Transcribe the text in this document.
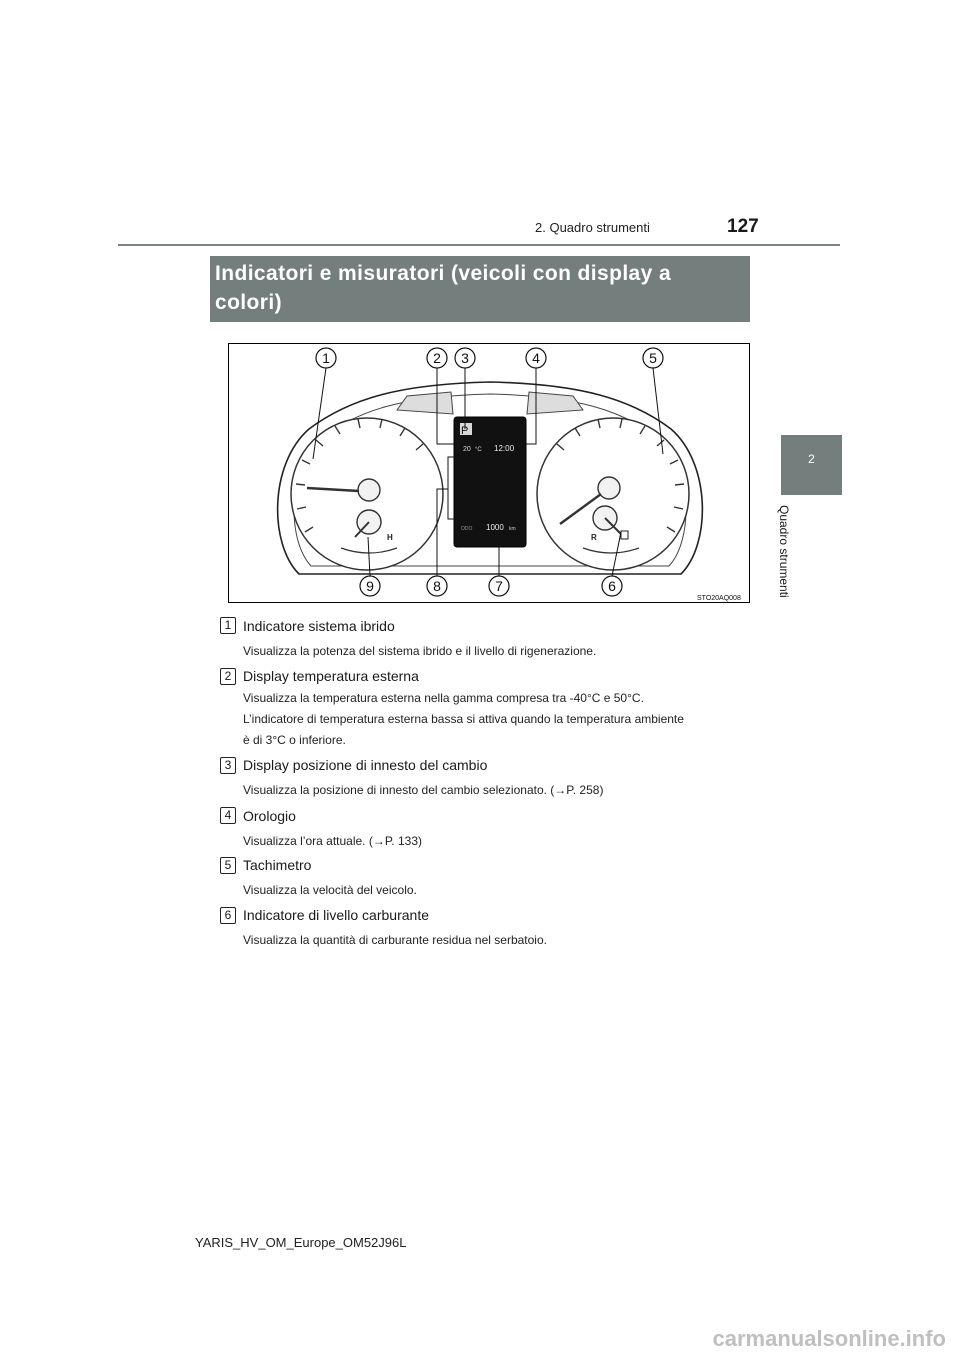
2. Quadro strumenti	127
2
Quadro strumenti
Indicatori e misuratori (veicoli con display a colori)
H	R
P
20 °C 12:00
ODO 1000 km
1	2 3	4	5
6
7
8
9
STO20AQ008
1 Indicatore sistema ibrido
Visualizza la potenza del sistema ibrido e il livello di rigenerazione.
2 Display temperatura esterna
Visualizza la temperatura esterna nella gamma compresa tra -40°C e 50°C.
L’indicatore di temperatura esterna bassa si attiva quando la temperatura ambiente
è di 3°C o inferiore.
3 Display posizione di innesto del cambio
Visualizza la posizione di innesto del cambio selezionato. (→P. 258)
4 Orologio
Visualizza l’ora attuale. (→P. 133)
5 Tachimetro
Visualizza la velocità del veicolo.
6 Indicatore di livello carburante
Visualizza la quantità di carburante residua nel serbatoio.
YARIS_HV_OM_Europe_OM52J96L
carmanualsonline.info
